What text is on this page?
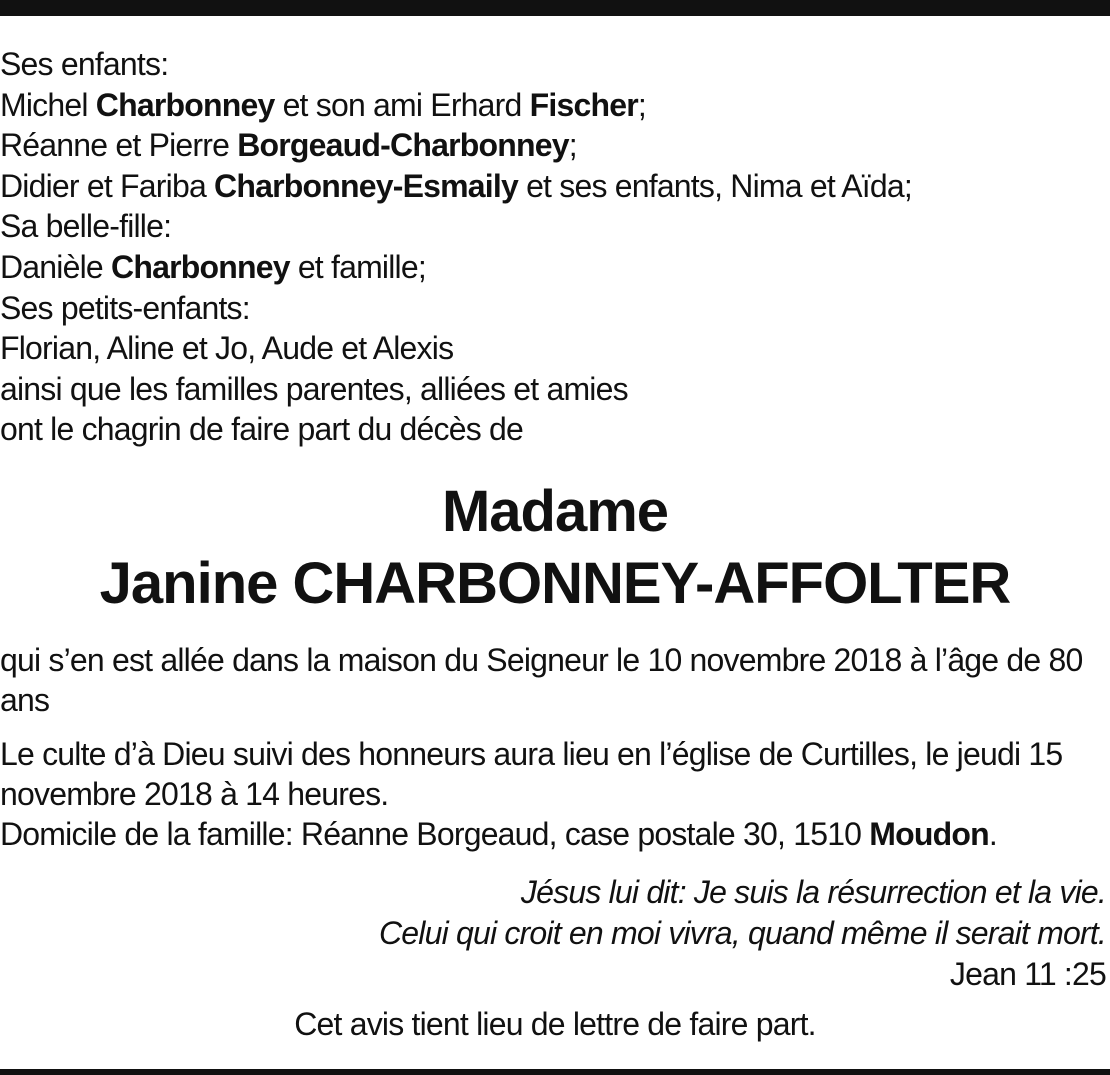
Ses enfants:
Michel Charbonney et son ami Erhard Fischer;
Réanne et Pierre Borgeaud-Charbonney;
Didier et Fariba Charbonney-Esmaily et ses enfants, Nima et Aïda;
Sa belle-fille:
Danièle Charbonney et famille;
Ses petits-enfants:
Florian, Aline et Jo, Aude et Alexis
ainsi que les familles parentes, alliées et amies
ont le chagrin de faire part du décès de
Madame
Janine CHARBONNEY-AFFOLTER
qui s’en est allée dans la maison du Seigneur le 10 novembre 2018 à l’âge de 80 ans
Le culte d’à Dieu suivi des honneurs aura lieu en l’église de Curtilles, le jeudi 15 novembre 2018 à 14 heures.
Domicile de la famille: Réanne Borgeaud, case postale 30, 1510 Moudon.
Jésus lui dit: Je suis la résurrection et la vie.
Celui qui croit en moi vivra, quand même il serait mort.
Jean 11 :25
Cet avis tient lieu de lettre de faire part.
